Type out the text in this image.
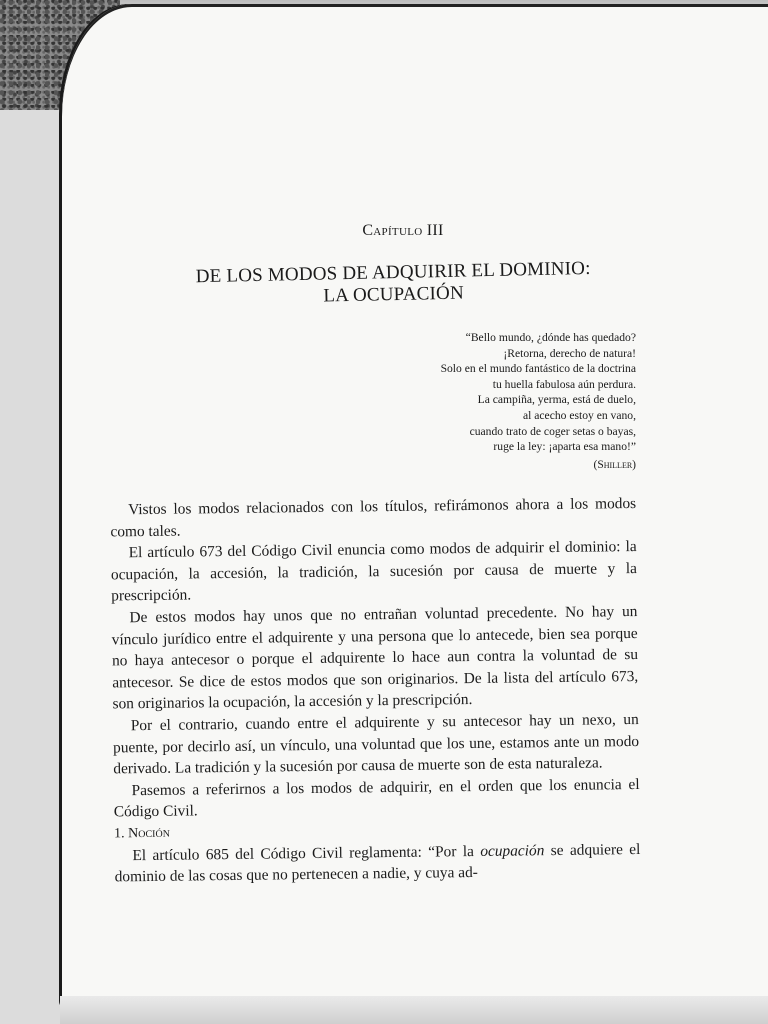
Capítulo III
DE LOS MODOS DE ADQUIRIR EL DOMINIO:
LA OCUPACIÓN
“Bello mundo, ¿dónde has quedado?
¡Retorna, derecho de natura!
Solo en el mundo fantástico de la doctrina
tu huella fabulosa aún perdura.
La campiña, yerma, está de duelo,
al acecho estoy en vano,
cuando trato de coger setas o bayas,
ruge la ley: ¡aparta esa mano!”
(Shiller)

Vistos los modos relacionados con los títulos, refirámonos ahora a los modos como tales.

El artículo 673 del Código Civil enuncia como modos de adquirir el dominio: la ocupación, la accesión, la tradición, la sucesión por causa de muerte y la prescripción.

De estos modos hay unos que no entrañan voluntad precedente. No hay un vínculo jurídico entre el adquirente y una persona que lo antecede, bien sea porque no haya antecesor o porque el adquirente lo hace aun contra la voluntad de su antecesor. Se dice de estos modos que son originarios. De la lista del artículo 673, son originarios la ocupación, la accesión y la prescripción.

Por el contrario, cuando entre el adquirente y su antecesor hay un nexo, un puente, por decirlo así, un vínculo, una voluntad que los une, estamos ante un modo derivado. La tradición y la sucesión por causa de muerte son de esta naturaleza.

Pasemos a referirnos a los modos de adquirir, en el orden que los enuncia el Código Civil.

1. Noción

El artículo 685 del Código Civil reglamenta: “Por la ocupación se adquiere el dominio de las cosas que no pertenecen a nadie, y cuya ad-
